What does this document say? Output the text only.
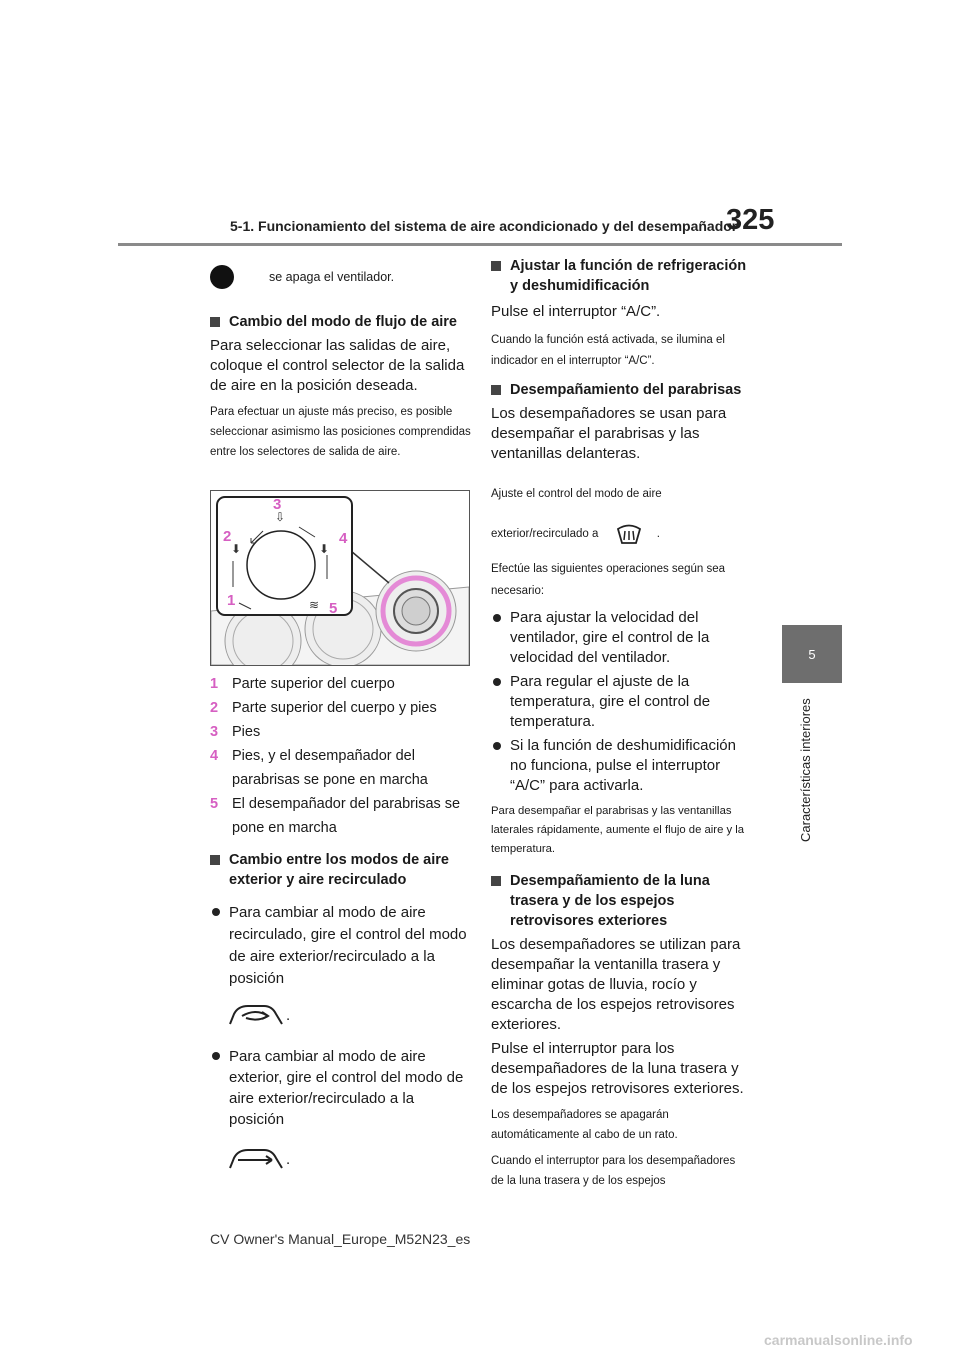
5-1. Funcionamiento del sistema de aire acondicionado y del desempañador
325
5
Características interiores
se apaga el ventilador.

Cambio del modo de flujo de aire

Para seleccionar las salidas de aire, coloque el control selector de la salida de aire en la posición deseada.

Para efectuar un ajuste más preciso, es posible seleccionar asimismo las posiciones comprendidas entre los selectores de salida de aire.

⬇
⇩
⬇
≋
2
3
4
1	5
1 Parte superior del cuerpo
2 Parte superior del cuerpo y pies
3 Pies
4 Pies, y el desempañador del parabrisas se pone en marcha
5 El desempañador del parabrisas se pone en marcha

Cambio entre los modos de aire exterior y aire recirculado

Para cambiar al modo de aire recirculado, gire el control del modo de aire exterior/recirculado a la posición

.

Para cambiar al modo de aire exterior, gire el control del modo de aire exterior/recirculado a la posición

.

Ajustar la función de refrigeración y deshumidificación

Pulse el interruptor “A/C”.

Cuando la función está activada, se ilumina el indicador en el interruptor “A/C”.

Desempañamiento del parabrisas

Los desempañadores se usan para desempañar el parabrisas y las ventanillas delanteras.

Ajuste el control del modo de aire exterior/recirculado a	.

Efectúe las siguientes operaciones según sea necesario:

Para ajustar la velocidad del ventilador, gire el control de la velocidad del ventilador.

Para regular el ajuste de la temperatura, gire el control de temperatura.

Si la función de deshumidificación no funciona, pulse el interruptor “A/C” para activarla.

Para desempañar el parabrisas y las ventanillas laterales rápidamente, aumente el flujo de aire y la temperatura.

Desempañamiento de la luna trasera y de los espejos retrovisores exteriores

Los desempañadores se utilizan para desempañar la ventanilla trasera y eliminar gotas de lluvia, rocío y escarcha de los espejos retrovisores exteriores.

Pulse el interruptor para los desempañadores de la luna trasera y de los espejos retrovisores exteriores.

Los desempañadores se apagarán automáticamente al cabo de un rato.

Cuando el interruptor para los desempañadores de la luna trasera y de los espejos

CV Owner's Manual_Europe_M52N23_es
carmanualsonline.info
